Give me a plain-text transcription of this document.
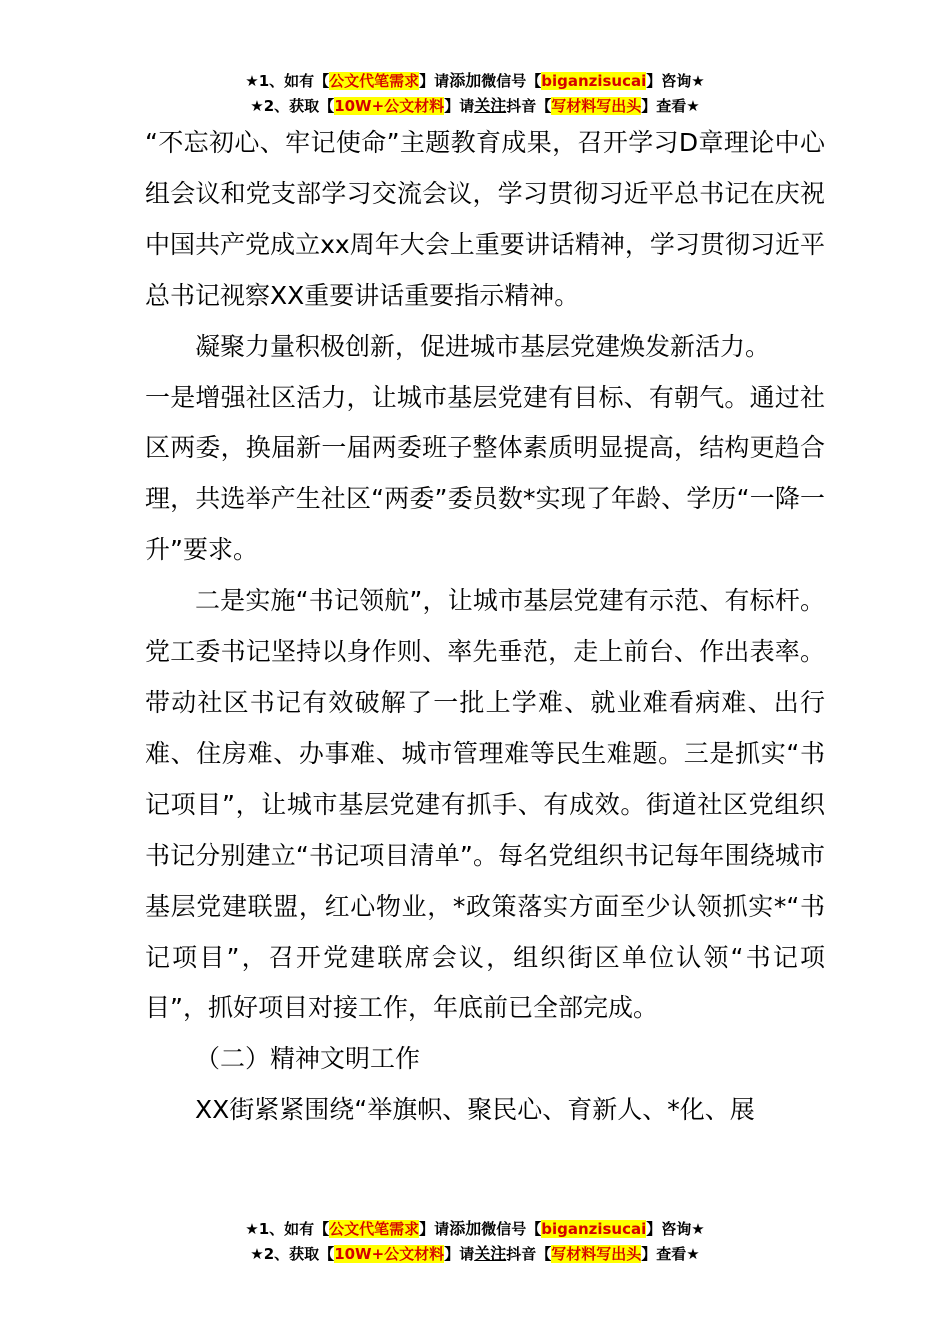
★1、如有【公文代笔需求】请添加微信号【biganzisucai】咨询★
★2、获取【10W+公文材料】请关注抖音【写材料写出头】查看★

“不忘初心、牢记使命”主题教育成果，召开学习D章理论中心组会议和党支部学习交流会议，学习贯彻习近平总书记在庆祝中国共产党成立xx周年大会上重要讲话精神，学习贯彻习近平总书记视察XX重要讲话重要指示精神。

凝聚力量积极创新，促进城市基层党建焕发新活力。

一是增强社区活力，让城市基层党建有目标、有朝气。通过社区两委，换届新一届两委班子整体素质明显提高，结构更趋合理，共选举产生社区“两委”委员数*实现了年龄、学历“一降一升”要求。

二是实施“书记领航”，让城市基层党建有示范、有标杆。党工委书记坚持以身作则、率先垂范，走上前台、作出表率。带动社区书记有效破解了一批上学难、就业难看病难、出行难、住房难、办事难、城市管理难等民生难题。三是抓实“书记项目”，让城市基层党建有抓手、有成效。街道社区党组织书记分别建立“书记项目清单”。每名党组织书记每年围绕城市基层党建联盟，红心物业，*政策落实方面至少认领抓实*“书记项目”，召开党建联席会议，组织街区单位认领“书记项目”，抓好项目对接工作，年底前已全部完成。

（二）精神文明工作

XX街紧紧围绕“举旗帜、聚民心、育新人、*化、展

★1、如有【公文代笔需求】请添加微信号【biganzisucai】咨询★
★2、获取【10W+公文材料】请关注抖音【写材料写出头】查看★
